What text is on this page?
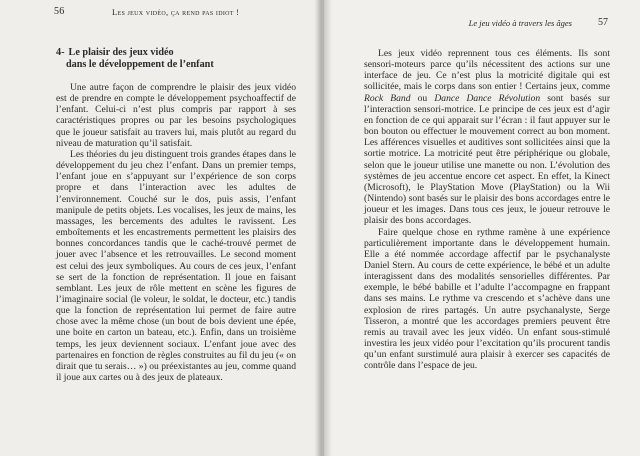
56	Les jeux vidéo, ça rend pas idiot !
4- Le plaisir des jeux vidéo
dans le développement de l’enfant

Une autre façon de comprendre le plaisir des jeux vidéo est de prendre en compte le développement psychoaffectif de l’enfant. Celui-ci n’est plus compris par rapport à ses caractéristiques propres ou par les besoins psychologiques que le joueur satisfait au travers lui, mais plutôt au regard du niveau de maturation qu’il satisfait.

Les théories du jeu distinguent trois grandes étapes dans le développement du jeu chez l’enfant. Dans un premier temps, l’enfant joue en s’appuyant sur l’expérience de son corps propre et dans l’interaction avec les adultes de l’environnement. Couché sur le dos, puis assis, l’enfant manipule de petits objets. Les vocalises, les jeux de mains, les massages, les bercements des adultes le ravissent. Les emboîtements et les encastrements permettent les plaisirs des bonnes concordances tandis que le caché-trouvé permet de jouer avec l’absence et les retrouvailles. Le second moment est celui des jeux symboliques. Au cours de ces jeux, l’enfant se sert de la fonction de représentation. Il joue en faisant semblant. Les jeux de rôle mettent en scène les figures de l’imaginaire social (le voleur, le soldat, le docteur, etc.) tandis que la fonction de représentation lui permet de faire autre chose avec la même chose (un bout de bois devient une épée, une boite en carton un bateau, etc.). Enfin, dans un troisième temps, les jeux deviennent sociaux. L’enfant joue avec des partenaires en fonction de règles construites au fil du jeu (« on dirait que tu serais… ») ou préexistantes au jeu, comme quand il joue aux cartes ou à des jeux de plateaux.

Le jeu vidéo à travers les âges	57

Les jeux vidéo reprennent tous ces éléments. Ils sont sensori-moteurs parce qu’ils nécessitent des actions sur une interface de jeu. Ce n’est plus la motricité digitale qui est sollicitée, mais le corps dans son entier ! Certains jeux, comme Rock Band ou Dance Dance Révolution sont basés sur l’interaction sensori-motrice. Le principe de ces jeux est d’agir en fonction de ce qui apparait sur l’écran : il faut appuyer sur le bon bouton ou effectuer le mouvement correct au bon moment. Les afférences visuelles et auditives sont sollicitées ainsi que la sortie motrice. La motricité peut être périphérique ou globale, selon que le joueur utilise une manette ou non. L’évolution des systèmes de jeu accentue encore cet aspect. En effet, la Kinect (Microsoft), le PlayStation Move (PlayStation) ou la Wii (Nintendo) sont basés sur le plaisir des bons accordages entre le joueur et les images. Dans tous ces jeux, le joueur retrouve le plaisir des bons accordages.

Faire quelque chose en rythme ramène à une expérience particulièrement importante dans le développement humain. Elle a été nommée accordage affectif par le psychanalyste Daniel Stern. Au cours de cette expérience, le bébé et un adulte interagissent dans des modalités sensorielles différentes. Par exemple, le bébé babille et l’adulte l’accompagne en frappant dans ses mains. Le rythme va crescendo et s’achève dans une explosion de rires partagés. Un autre psychanalyste, Serge Tisseron, a montré que les accordages premiers peuvent être remis au travail avec les jeux vidéo. Un enfant sous-stimulé investira les jeux vidéo pour l’excitation qu’ils procurent tandis qu’un enfant surstimulé aura plaisir à exercer ses capacités de contrôle dans l’espace de jeu.
